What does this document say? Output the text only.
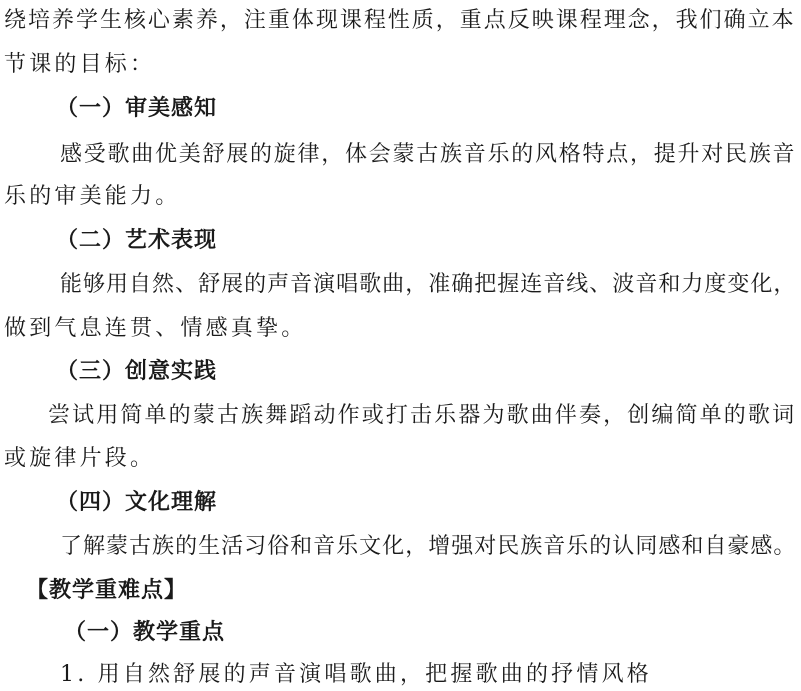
绕培养学生核心素养，注重体现课程性质，重点反映课程理念，我们确立本
节课的目标：
（一）审美感知
感受歌曲优美舒展的旋律，体会蒙古族音乐的风格特点，提升对民族音
乐的审美能力。
（二）艺术表现
能够用自然、舒展的声音演唱歌曲，准确把握连音线、波音和力度变化，
做到气息连贯、情感真挚。
（三）创意实践
尝试用简单的蒙古族舞蹈动作或打击乐器为歌曲伴奏，创编简单的歌词
或旋律片段。
（四）文化理解
了解蒙古族的生活习俗和音乐文化，增强对民族音乐的认同感和自豪感。
【教学重难点】
（一）教学重点
1. 用自然舒展的声音演唱歌曲，把握歌曲的抒情风格
